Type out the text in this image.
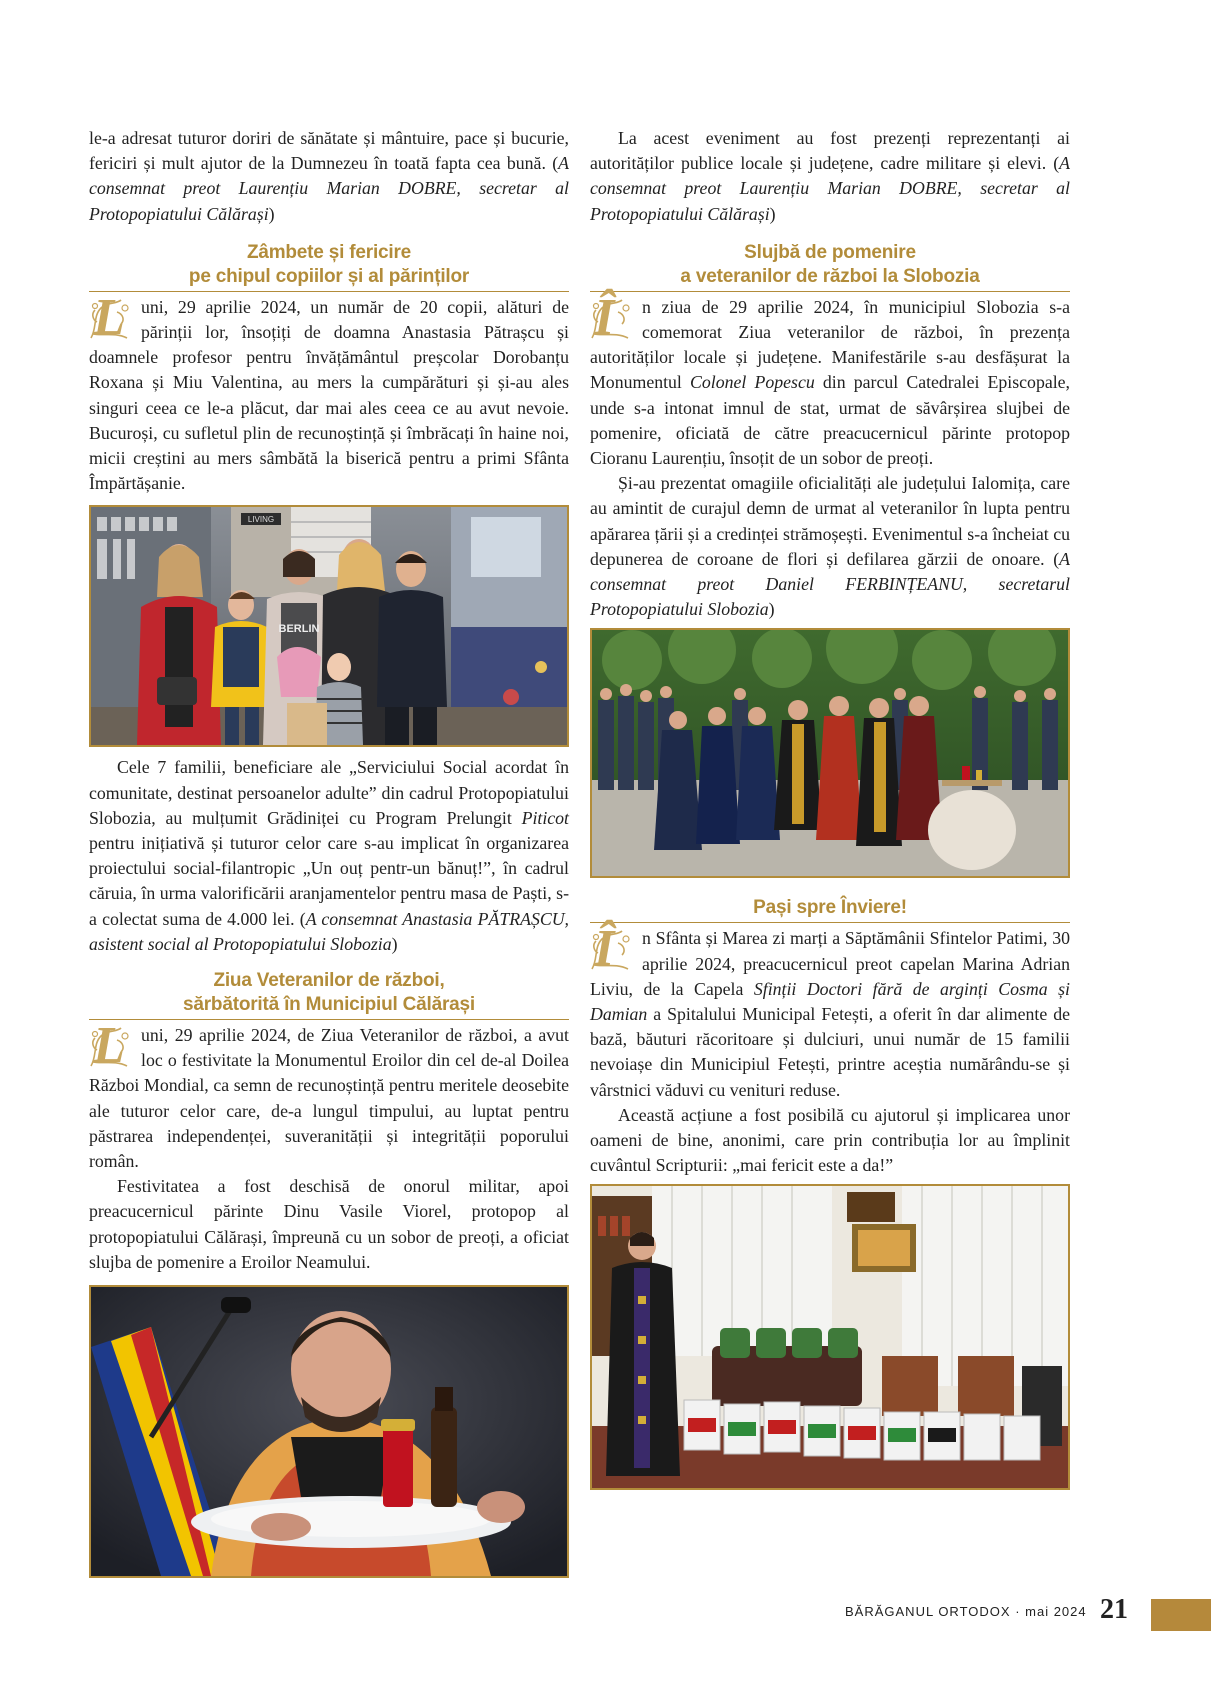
le-a adresat tuturor doriri de sănătate și mântuire, pace și bucurie, fericiri și mult ajutor de la Dumnezeu în toată fapta cea bună. (A consemnat preot Laurențiu Marian DOBRE, secretar al Protopopiatului Călărași)

Zâmbete și fericire
pe chipul copiilor și al părinților

L uni, 29 aprilie 2024, un număr de 20 copii, alături de părinții lor, însoțiți de doamna Anastasia Pătrașcu și doamnele profesor pentru învățământul preșcolar Dorobanțu Roxana și Miu Valentina, au mers la cumpărături și și-au ales singuri ceea ce le-a plăcut, dar mai ales ceea ce au avut nevoie. Bucuroși, cu sufletul plin de recunoștință și îmbrăcați în haine noi, micii creștini au mers sâmbătă la biserică pentru a primi Sfânta Împărtășanie.

LIVING
BERLIN

Cele 7 familii, beneficiare ale „Serviciului Social acordat în comunitate, destinat persoanelor adulte” din cadrul Protopopiatului Slobozia, au mulțumit Grădiniței cu Program Prelungit Piticot pentru inițiativă și tuturor celor care s-au implicat în organizarea proiectului social-filantropic „Un ouț pentr-un bănuț!”, în cadrul căruia, în urma valorificării aranjamentelor pentru masa de Paști, s-a colectat suma de 4.000 lei. (A consemnat Anastasia PĂTRAȘCU, asistent social al Protopopiatului Slobozia)

Ziua Veteranilor de război,
sărbătorită în Municipiul Călărași

L uni, 29 aprilie 2024, de Ziua Veteranilor de război, a avut loc o festivitate la Monumentul Eroilor din cel de-al Doilea Război Mondial, ca semn de recunoștință pentru meritele deosebite ale tuturor celor care, de-a lungul timpului, au luptat pentru păstrarea independenței, suveranității și integrității poporului român.

Festivitatea a fost deschisă de onorul militar, apoi preacucernicul părinte Dinu Vasile Viorel, protopop al protopopiatului Călărași, împreună cu un sobor de preoți, a oficiat slujba de pomenire a Eroilor Neamului.

La acest eveniment au fost prezenți reprezentanți ai autorităților publice locale și județene, cadre militare și elevi. (A consemnat preot Laurențiu Marian DOBRE, secretar al Protopopiatului Călărași)

Slujbă de pomenire
a veteranilor de război la Slobozia

Î n ziua de 29 aprilie 2024, în municipiul Slobozia s-a comemorat Ziua veteranilor de război, în prezența autorităților locale și județene. Manifestările s-au desfășurat la Monumentul Colonel Popescu din parcul Catedralei Episcopale, unde s-a intonat imnul de stat, urmat de săvârșirea slujbei de pomenire, oficiată de către preacucernicul părinte protopop Cioranu Laurențiu, însoțit de un sobor de preoți.

Și-au prezentat omagiile oficialități ale județului Ialomița, care au amintit de curajul demn de urmat al veteranilor în lupta pentru apărarea țării și a credinței strămoșești. Evenimentul s-a încheiat cu depunerea de coroane de flori și defilarea gărzii de onoare. (A consemnat preot Daniel FERBINȚEANU, secretarul Protopopiatului Slobozia)

Pași spre Înviere!

Î n Sfânta și Marea zi marți a Săptămânii Sfintelor Patimi, 30 aprilie 2024, preacucernicul preot capelan Marina Adrian Liviu, de la Capela Sfinții Doctori fără de arginți Cosma și Damian a Spitalului Municipal Fetești, a oferit în dar alimente de bază, băuturi răcoritoare și dulciuri, unui număr de 15 familii nevoiașe din Municipiul Fetești, printre aceștia numărându-se și vârstnici văduvi cu venituri reduse.

Această acțiune a fost posibilă cu ajutorul și implicarea unor oameni de bine, anonimi, care prin contribuția lor au împlinit cuvântul Scripturii: „mai fericit este a da!”

BĂRĂGANUL ORTODOX · mai 2024 21
